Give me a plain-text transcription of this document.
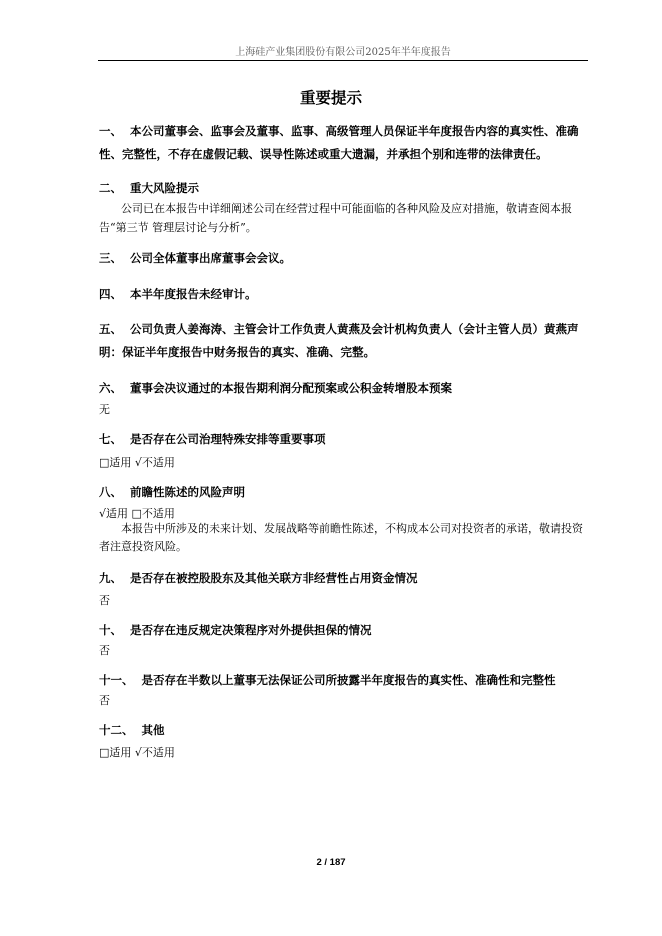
上海硅产业集团股份有限公司2025年半年度报告
重要提示
一、 本公司董事会、监事会及董事、监事、高级管理人员保证半年度报告内容的真实性、准确性、完整性，不存在虚假记载、误导性陈述或重大遗漏，并承担个别和连带的法律责任。
二、 重大风险提示
公司已在本报告中详细阐述公司在经营过程中可能面临的各种风险及应对措施，敬请查阅本报告“第三节 管理层讨论与分析”。
三、 公司全体董事出席董事会会议。
四、 本半年度报告未经审计。
五、 公司负责人姜海涛、主管会计工作负责人黄燕及会计机构负责人（会计主管人员）黄燕声明：保证半年度报告中财务报告的真实、准确、完整。
六、 董事会决议通过的本报告期利润分配预案或公积金转增股本预案
无
七、 是否存在公司治理特殊安排等重要事项
□适用 √不适用
八、 前瞻性陈述的风险声明
√适用 □不适用
本报告中所涉及的未来计划、发展战略等前瞻性陈述，不构成本公司对投资者的承诺，敬请投资者注意投资风险。
九、 是否存在被控股股东及其他关联方非经营性占用资金情况
否
十、 是否存在违反规定决策程序对外提供担保的情况
否
十一、 是否存在半数以上董事无法保证公司所披露半年度报告的真实性、准确性和完整性
否
十二、 其他
□适用 √不适用
2 / 187
